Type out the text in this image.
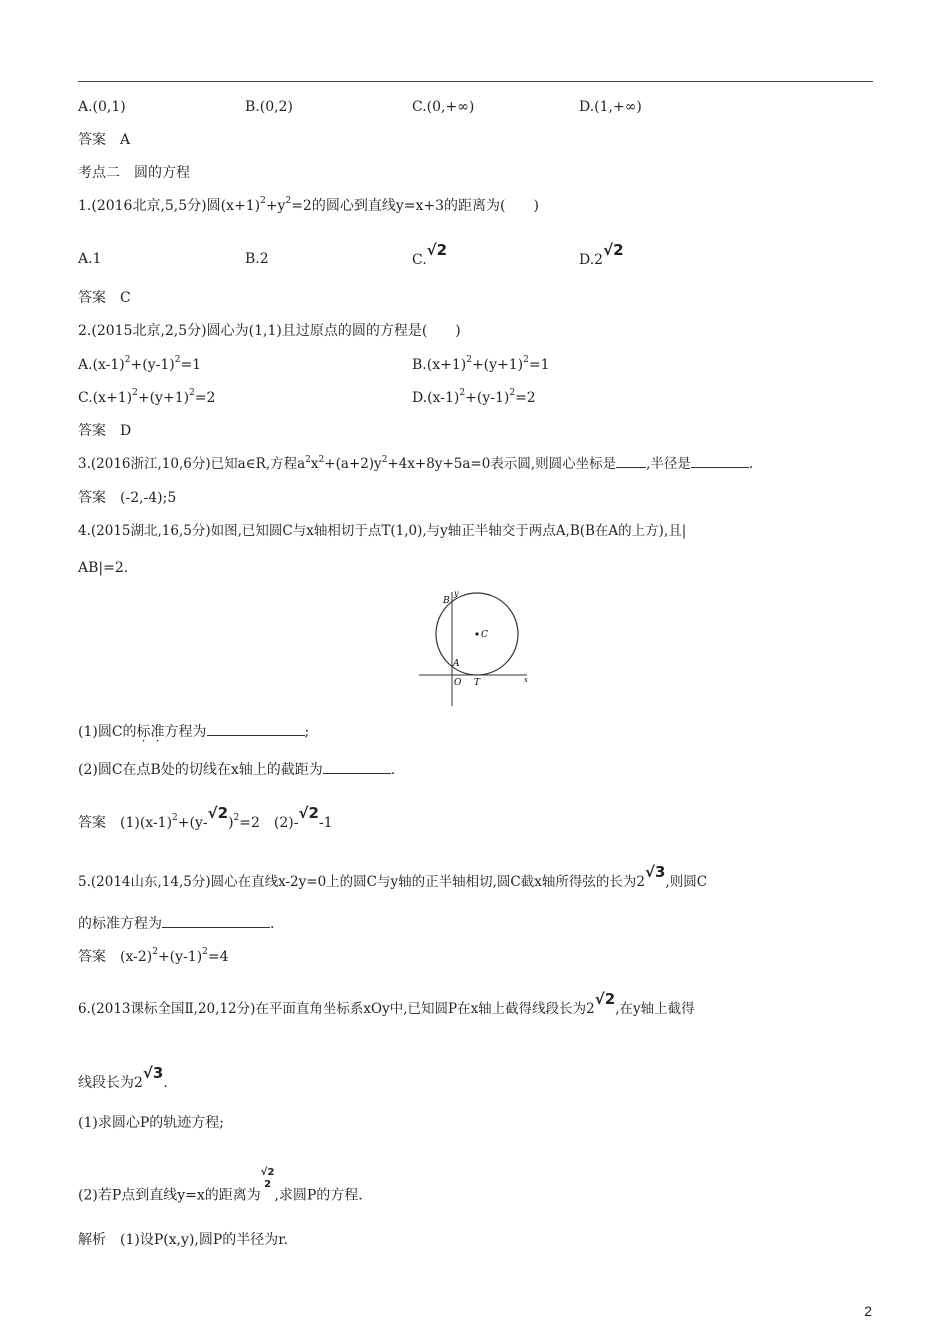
A.(0,1)	B.(0,2)	C.(0,+∞)	D.(1,+∞)
答案　A
考点二　圆的方程
1.(2016北京,5,5分)圆$(x+1)^2+y^2=2$的圆心到直线y=x+3的距离为(　　)
A.1	B.2	C.√2
D.2√2
答案　C
2.(2015北京,2,5分)圆心为(1,1)且过原点的圆的方程是(　　)
$A.(x-1)^2+(y-1)^2=1$	$B.(x+1)^2+(y+1)^2=1$
$C.(x+1)^2+(y+1)^2=2$	$D.(x-1)^2+(y-1)^2=2$
答案　D
3.(2016浙江,10,6分)已知a∈R,方程$a^2x^2+(a+2)y^2+4x+8y+5a=0$表示圆,则圆心坐标是 ,半径是	.
答案　(-2,-4);5
4.(2015湖北,16,5分)如图,已知圆C与x轴相切于点T(1,0),与y轴正半轴交于两点A,B(B在A的上方),且|
AB|=2.
B
y
C
A
O T	x
(1)圆C的标准方程为	;
(2)圆C在点B处的切线在x轴上的截距为	.
答案　$(1)(x-1)^2+(y-√2)^2=2$　(2)-√2-1
5.(2014山东,14,5分)圆心在直线x-2y=0上的圆C与y轴的正半轴相切,圆C截x轴所得弦的长为2√3,则圆C
的标准方程为	.
答案　$(x-2)^2+(y-1)^2=4$
6.(2013课标全国Ⅱ,20,12分)在平面直角坐标系xOy中,已知圆P在x轴上截得线段长为2√2,在y轴上截得
线段长为2√3.
(1)求圆心P的轨迹方程;
(2)若P点到直线y=x的距离为
√2
2
,求圆P的方程.
解析　(1)设P(x,y),圆P的半径为r.
2
